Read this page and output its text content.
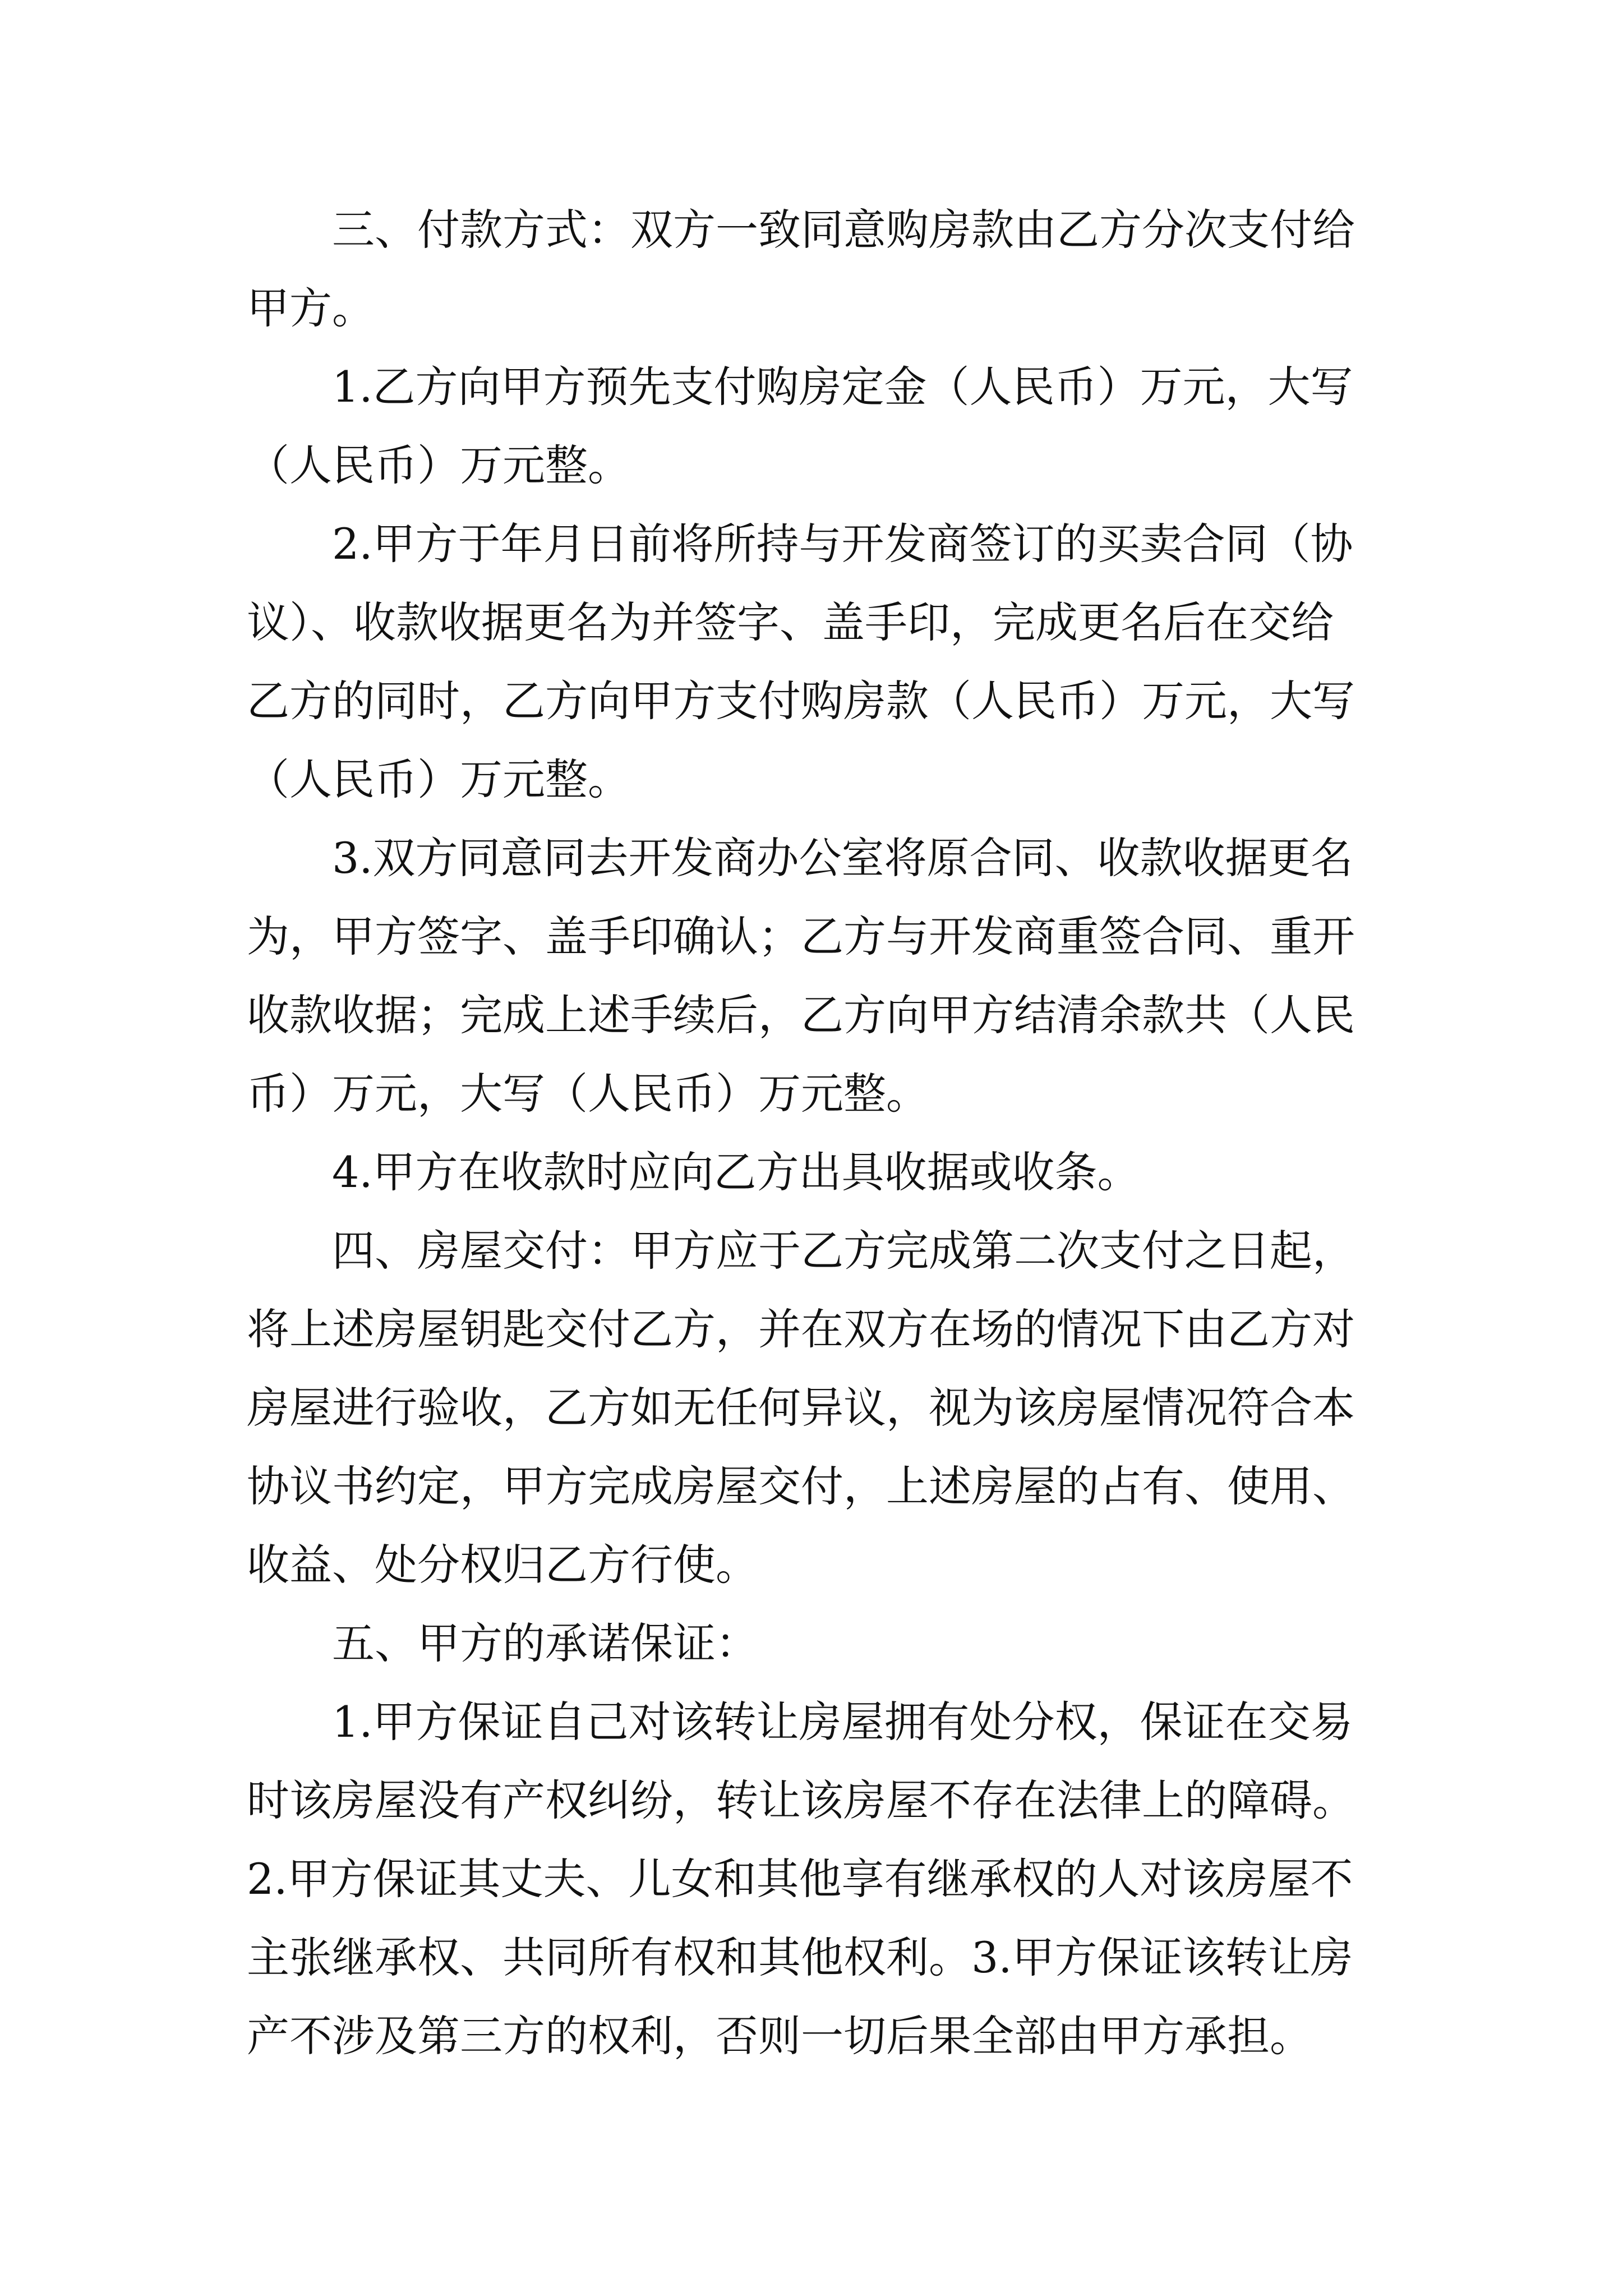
三、付款方式：双方一致同意购房款由乙方分次支付给
甲方。
1.乙方向甲方预先支付购房定金（人民币）万元，大写
（人民币）万元整。
2.甲方于年月日前将所持与开发商签订的买卖合同（协
议）、收款收据更名为并签字、盖手印，完成更名后在交给
乙方的同时，乙方向甲方支付购房款（人民币）万元，大写
（人民币）万元整。
3.双方同意同去开发商办公室将原合同、收款收据更名
为，甲方签字、盖手印确认；乙方与开发商重签合同、重开
收款收据；完成上述手续后，乙方向甲方结清余款共（人民
币）万元，大写（人民币）万元整。
4.甲方在收款时应向乙方出具收据或收条。
四、房屋交付：甲方应于乙方完成第二次支付之日起，
将上述房屋钥匙交付乙方，并在双方在场的情况下由乙方对
房屋进行验收，乙方如无任何异议，视为该房屋情况符合本
协议书约定，甲方完成房屋交付，上述房屋的占有、使用、
收益、处分权归乙方行使。
五、甲方的承诺保证：
1.甲方保证自己对该转让房屋拥有处分权，保证在交易
时该房屋没有产权纠纷，转让该房屋不存在法律上的障碍。
2.甲方保证其丈夫、儿女和其他享有继承权的人对该房屋不
主张继承权、共同所有权和其他权利。3.甲方保证该转让房
产不涉及第三方的权利，否则一切后果全部由甲方承担。
